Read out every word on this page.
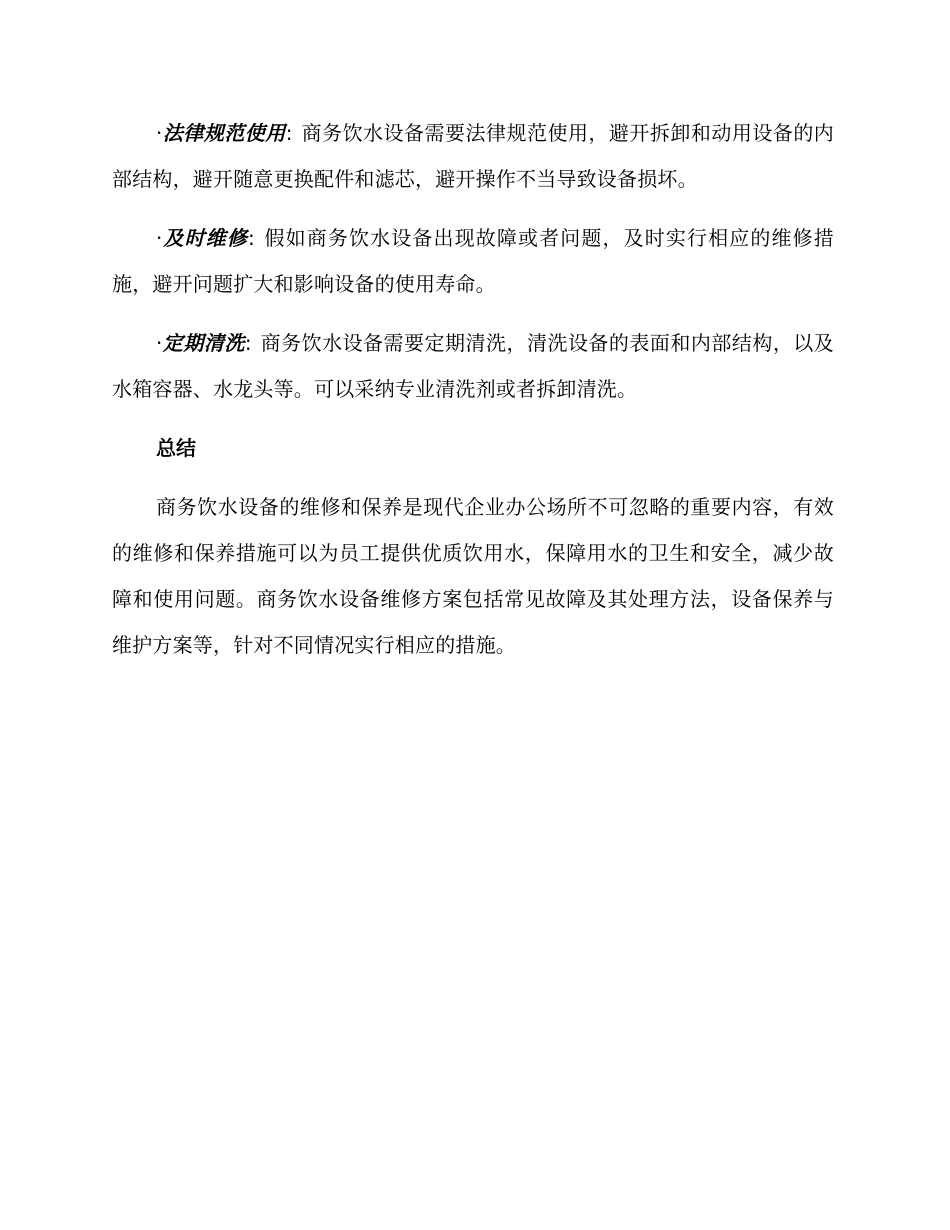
·法律规范使用: 商务饮水设备需要法律规范使用，避开拆卸和动用设备的内部结构，避开随意更换配件和滤芯，避开操作不当导致设备损坏。

·及时维修: 假如商务饮水设备出现故障或者问题，及时实行相应的维修措施，避开问题扩大和影响设备的使用寿命。

·定期清洗: 商务饮水设备需要定期清洗，清洗设备的表面和内部结构，以及水箱容器、水龙头等。可以采纳专业清洗剂或者拆卸清洗。

总结

商务饮水设备的维修和保养是现代企业办公场所不可忽略的重要内容，有效的维修和保养措施可以为员工提供优质饮用水，保障用水的卫生和安全，减少故障和使用问题。商务饮水设备维修方案包括常见故障及其处理方法，设备保养与维护方案等，针对不同情况实行相应的措施。
